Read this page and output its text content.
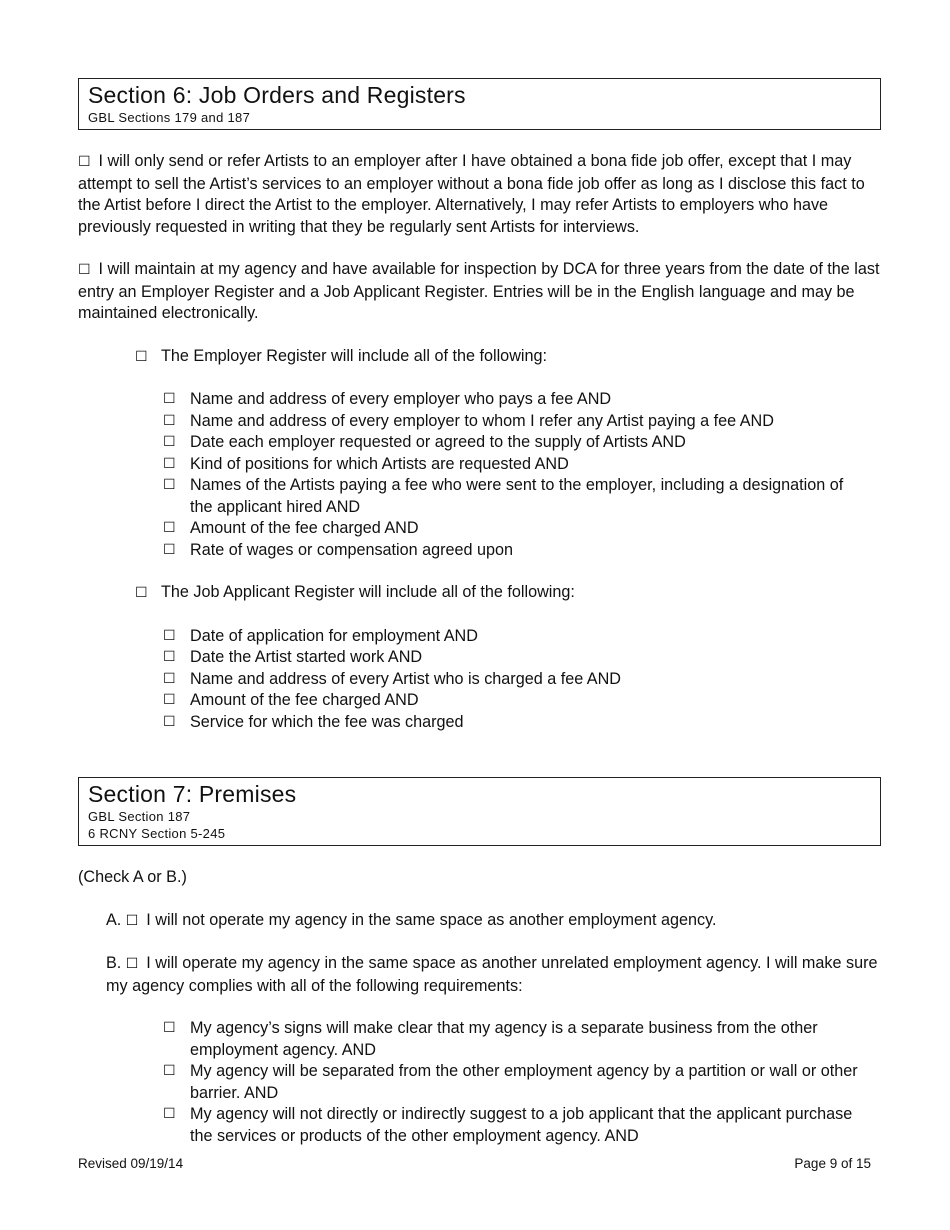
Section 6: Job Orders and Registers
GBL Sections 179 and 187
☐ I will only send or refer Artists to an employer after I have obtained a bona fide job offer, except that I may attempt to sell the Artist’s services to an employer without a bona fide job offer as long as I disclose this fact to the Artist before I direct the Artist to the employer. Alternatively, I may refer Artists to employers who have previously requested in writing that they be regularly sent Artists for interviews.
☐ I will maintain at my agency and have available for inspection by DCA for three years from the date of the last entry an Employer Register and a Job Applicant Register. Entries will be in the English language and may be maintained electronically.
☐ The Employer Register will include all of the following:
☐ Name and address of every employer who pays a fee AND
☐ Name and address of every employer to whom I refer any Artist paying a fee AND
☐ Date each employer requested or agreed to the supply of Artists AND
☐ Kind of positions for which Artists are requested AND
☐ Names of the Artists paying a fee who were sent to the employer, including a designation of the applicant hired AND
☐ Amount of the fee charged AND
☐ Rate of wages or compensation agreed upon
☐ The Job Applicant Register will include all of the following:
☐ Date of application for employment AND
☐ Date the Artist started work AND
☐ Name and address of every Artist who is charged a fee AND
☐ Amount of the fee charged AND
☐ Service for which the fee was charged
Section 7: Premises
GBL Section 187
6 RCNY Section 5-245
(Check A or B.)
A. ☐ I will not operate my agency in the same space as another employment agency.
B. ☐ I will operate my agency in the same space as another unrelated employment agency. I will make sure my agency complies with all of the following requirements:
☐ My agency’s signs will make clear that my agency is a separate business from the other employment agency. AND
☐ My agency will be separated from the other employment agency by a partition or wall or other barrier. AND
☐ My agency will not directly or indirectly suggest to a job applicant that the applicant purchase the services or products of the other employment agency. AND
Revised 09/19/14	Page 9 of 15
